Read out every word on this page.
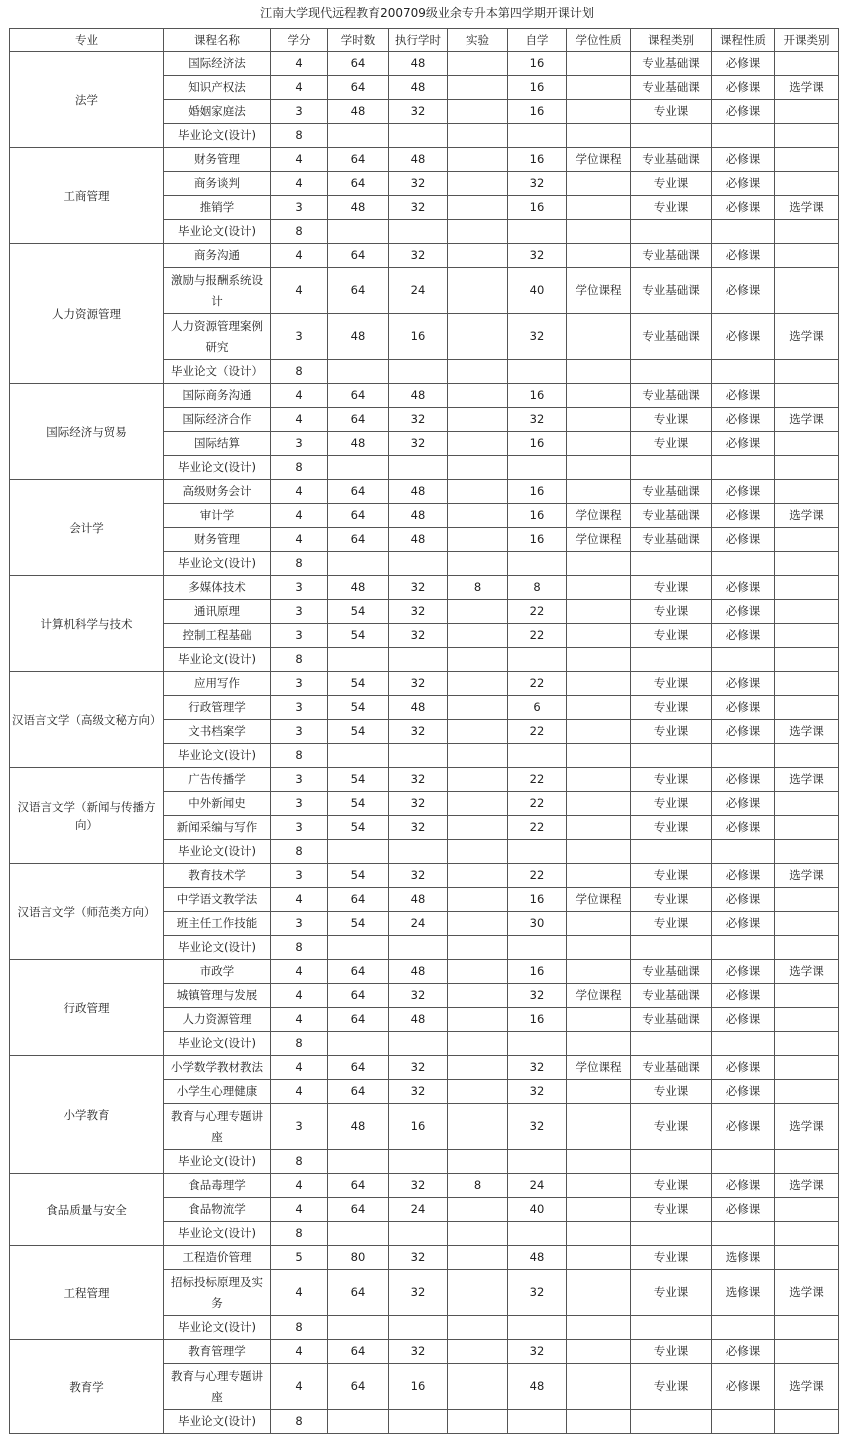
江南大学现代远程教育200709级业余专升本第四学期开课计划
专业	课程名称	学分	学时数	执行学时	实验	自学	学位性质	课程类别	课程性质	开课类别
法学	国际经济法	4	64	48		16		专业基础课	必修课	
	知识产权法	4	64	48		16		专业基础课	必修课	选学课
	婚姻家庭法	3	48	32		16		专业课	必修课	
	毕业论文(设计)	8								
工商管理	财务管理	4	64	48		16	学位课程	专业基础课	必修课	
	商务谈判	4	64	32		32		专业课	必修课	
	推销学	3	48	32		16		专业课	必修课	选学课
	毕业论文(设计)	8								
人力资源管理	商务沟通	4	64	32		32		专业基础课	必修课	
	激励与报酬系统设计	4	64	24		40	学位课程	专业基础课	必修课	
	人力资源管理案例研究	3	48	16		32		专业基础课	必修课	选学课
	毕业论文（设计）	8								
国际经济与贸易	国际商务沟通	4	64	48		16		专业基础课	必修课	
	国际经济合作	4	64	32		32		专业课	必修课	选学课
	国际结算	3	48	32		16		专业课	必修课	
	毕业论文(设计)	8								
会计学	高级财务会计	4	64	48		16		专业基础课	必修课	
	审计学	4	64	48		16	学位课程	专业基础课	必修课	选学课
	财务管理	4	64	48		16	学位课程	专业基础课	必修课	
	毕业论文(设计)	8								
计算机科学与技术	多媒体技术	3	48	32	8	8		专业课	必修课	
	通讯原理	3	54	32		22		专业课	必修课	
	控制工程基础	3	54	32		22		专业课	必修课	
	毕业论文(设计)	8								
汉语言文学（高级文秘方向）	应用写作	3	54	32		22		专业课	必修课	
	行政管理学	3	54	48		6		专业课	必修课	
	文书档案学	3	54	32		22		专业课	必修课	选学课
	毕业论文(设计)	8								
汉语言文学（新闻与传播方向）	广告传播学	3	54	32		22		专业课	必修课	选学课
	中外新闻史	3	54	32		22		专业课	必修课	
	新闻采编与写作	3	54	32		22		专业课	必修课	
	毕业论文(设计)	8								
汉语言文学（师范类方向）	教育技术学	3	54	32		22		专业课	必修课	选学课
	中学语文教学法	4	64	48		16	学位课程	专业课	必修课	
	班主任工作技能	3	54	24		30		专业课	必修课	
	毕业论文(设计)	8								
行政管理	市政学	4	64	48		16		专业基础课	必修课	选学课
	城镇管理与发展	4	64	32		32	学位课程	专业基础课	必修课	
	人力资源管理	4	64	48		16		专业基础课	必修课	
	毕业论文(设计)	8								
小学教育	小学数学教材教法	4	64	32		32	学位课程	专业基础课	必修课	
	小学生心理健康	4	64	32		32		专业课	必修课	
	教育与心理专题讲座	3	48	16		32		专业课	必修课	选学课
	毕业论文(设计)	8								
食品质量与安全	食品毒理学	4	64	32	8	24		专业课	必修课	选学课
	食品物流学	4	64	24		40		专业课	必修课	
	毕业论文(设计)	8								
工程管理	工程造价管理	5	80	32		48		专业课	选修课	
	招标投标原理及实务	4	64	32		32		专业课	选修课	选学课
	毕业论文(设计)	8								
教育学	教育管理学	4	64	32		32		专业课	必修课	
	教育与心理专题讲座	4	64	16		48		专业课	必修课	选学课
	毕业论文(设计)	8								
